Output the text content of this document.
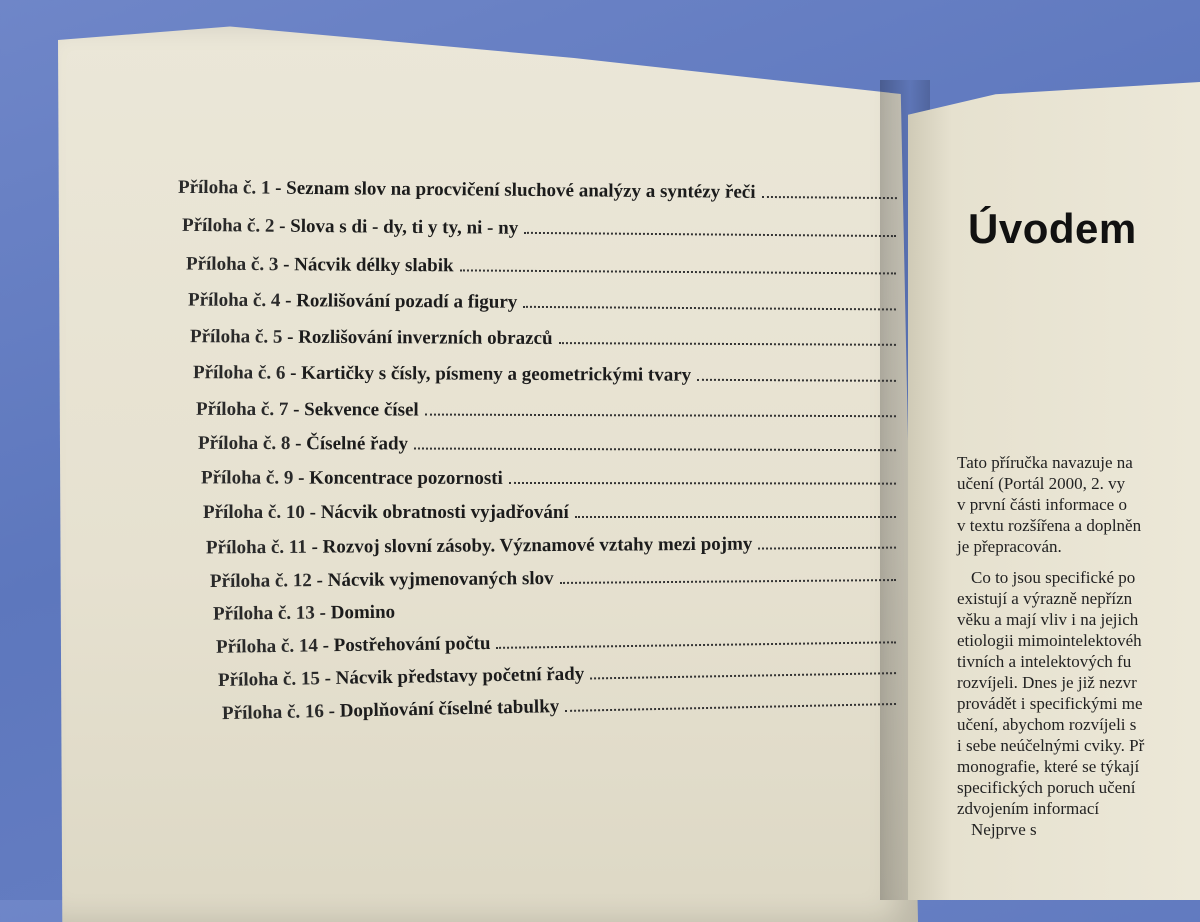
Příloha č. 1 - Seznam slov na procvičení sluchové analýzy a syntézy řeči
Příloha č. 2 - Slova s di - dy, ti y ty, ni - ny
Příloha č. 3 - Nácvik délky slabik
Příloha č. 4 - Rozlišování pozadí a figury
Příloha č. 5 - Rozlišování inverzních obrazců
Příloha č. 6 - Kartičky s čísly, písmeny a geometrickými tvary
Příloha č. 7 - Sekvence čísel
Příloha č. 8 - Číselné řady
Příloha č. 9 - Koncentrace pozornosti
Příloha č. 10 - Nácvik obratnosti vyjadřování
Příloha č. 11 - Rozvoj slovní zásoby. Významové vztahy mezi pojmy
Příloha č. 12 - Nácvik vyjmenovaných slov
Příloha č. 13 - Domino
Příloha č. 14 - Postřehování počtu
Příloha č. 15 - Nácvik představy početní řady
Příloha č. 16 - Doplňování číselné tabulky
Úvodem
Tato příručka navazuje na
učení (Portál 2000, 2. vy
v první části informace o
v textu rozšířena a doplněn
je přepracován.
Co to jsou specifické po
existují a výrazně nepřízn
věku a mají vliv i na jejich
etiologii mimointelektovéh
tivních a intelektových fu
rozvíjeli. Dnes je již nezvr
provádět i specifickými me
učení, abychom rozvíjeli s
i sebe neúčelnými cviky. Př
monografie, které se týkají
specifických poruch učení
zdvojením informací
Nejprve s
